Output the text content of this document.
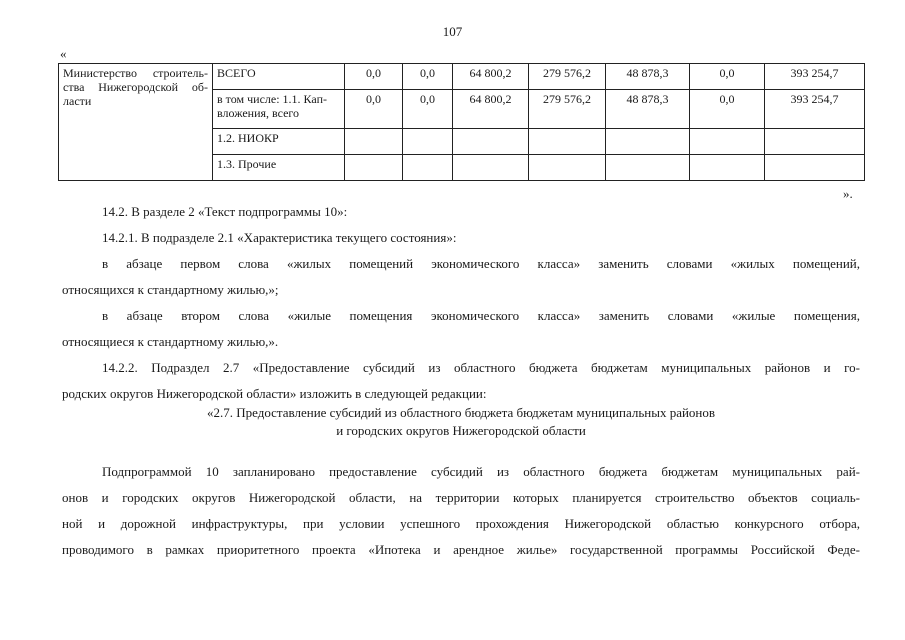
107
«
Министерство строитель-ства Нижегородской об-ласти	ВСЕГО	0,0	0,0	64 800,2	279 576,2	48 878,3	0,0	393 254,7
	в том числе: 1.1. Кап-вложения, всего	0,0	0,0	64 800,2	279 576,2	48 878,3	0,0	393 254,7
	1.2. НИОКР							
	1.3. Прочие							
».

14.2. В разделе 2 «Текст подпрограммы 10»:

14.2.1. В подразделе 2.1 «Характеристика текущего состояния»:

в абзаце первом слова «жилых помещений экономического класса» заменить словами «жилых помещений,

относящихся к стандартному жилью,»;

в абзаце втором слова «жилые помещения экономического класса» заменить словами «жилые помещения,

относящиеся к стандартному жилью,».

14.2.2. Подраздел 2.7 «Предоставление субсидий из областного бюджета бюджетам муниципальных районов и го-

родских округов Нижегородской области» изложить в следующей редакции:

«2.7. Предоставление субсидий из областного бюджета бюджетам муниципальных районов
и городских округов Нижегородской области

Подпрограммой 10 запланировано предоставление субсидий из областного бюджета бюджетам муниципальных рай-

онов и городских округов Нижегородской области, на территории которых планируется строительство объектов социаль-

ной и дорожной инфраструктуры, при условии успешного прохождения Нижегородской областью конкурсного отбора,

проводимого в рамках приоритетного проекта «Ипотека и арендное жилье» государственной программы Российской Феде-
